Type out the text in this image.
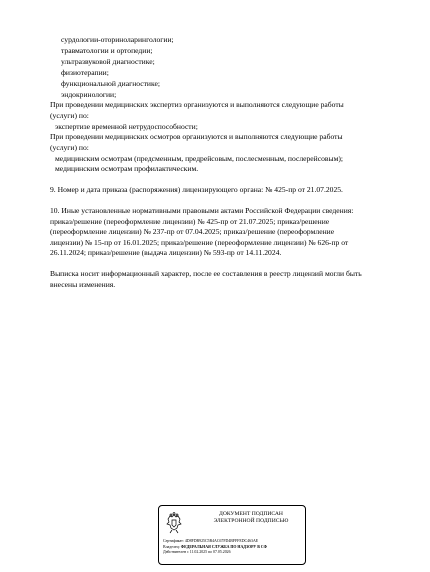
сурдологии-оториноларингологии;
травматологии и ортопедии;
ультразвуковой диагностике;
физиотерапии;
функциональной диагностике;
эндокринологии;
При проведении медицинских экспертиз организуются и выполняются следующие работы
(услуги) по:
экспертизе временной нетрудоспособности;
При проведении медицинских осмотров организуются и выполняются следующие работы
(услуги) по:
медицинским осмотрам (предсменным, предрейсовым, послесменным, послерейсовым);
медицинским осмотрам профилактическим.
9. Номер и дата приказа (распоряжения) лицензирующего органа: № 425-пр от 21.07.2025.
10. Иные установленные нормативными правовыми актами Российской Федерации сведения:
приказ/решение (переоформление лицензии) № 425-пр от 21.07.2025; приказ/решение
(переоформление лицензии) № 237-пр от 07.04.2025; приказ/решение (переоформление
лицензии) № 15-пр от 16.01.2025; приказ/решение (переоформление лицензии) № 626-пр от
26.11.2024; приказ/решение (выдача лицензии) № 593-пр от 14.11.2024.
Выписка носит информационный характер, после ее составления в реестр лицензий могли быть
внесены изменения.
ДОКУМЕНТ ПОДПИСАН
ЭЛЕКТРОННОЙ ПОДПИСЬЮ
Сертификат: 4D8FDB925C5B4AC67FD4BFFFEDC463AE
Владелец: ФЕДЕРАЛЬНАЯ СЛУЖБА ПО НАДЗОРУ В СФ
Действителен с 11.02.2025 по 07.05.2026
